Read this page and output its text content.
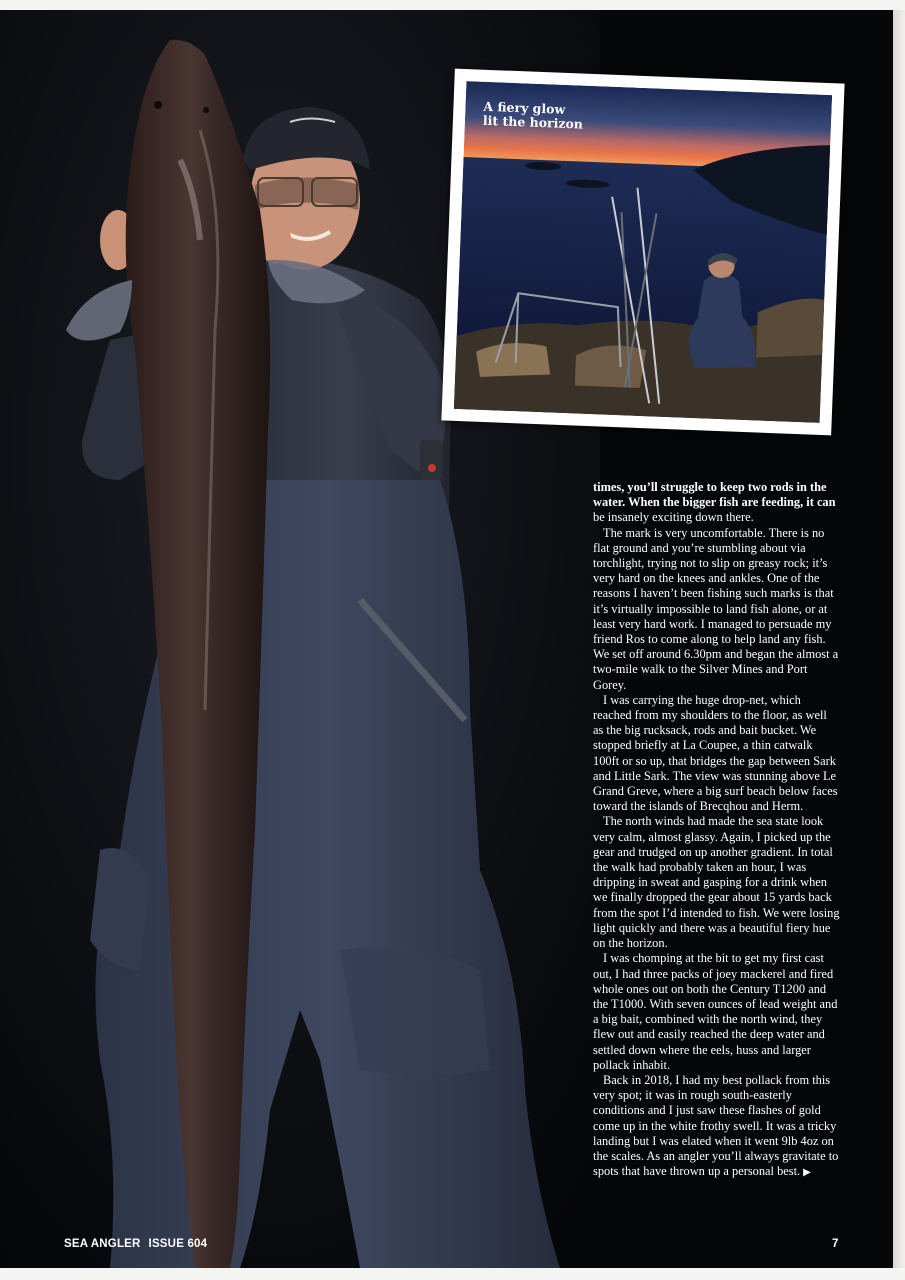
A fiery glow
lit the horizon

times, you’ll struggle to keep two rods in the water. When the bigger fish are feeding, it can be insanely exciting down there.

The mark is very uncomfortable. There is no flat ground and you’re stumbling about via torchlight, trying not to slip on greasy rock; it’s very hard on the knees and ankles. One of the reasons I haven’t been fishing such marks is that it’s virtually impossible to land fish alone, or at least very hard work. I managed to persuade my friend Ros to come along to help land any fish. We set off around 6.30pm and began the almost a two-mile walk to the Silver Mines and Port Gorey.

I was carrying the huge drop-net, which reached from my shoulders to the floor, as well as the big rucksack, rods and bait bucket. We stopped briefly at La Coupee, a thin catwalk 100ft or so up, that bridges the gap between Sark and Little Sark. The view was stunning above Le Grand Greve, where a big surf beach below faces toward the islands of Brecqhou and Herm.

The north winds had made the sea state look very calm, almost glassy. Again, I picked up the gear and trudged on up another gradient. In total the walk had probably taken an hour, I was dripping in sweat and gasping for a drink when we finally dropped the gear about 15 yards back from the spot I’d intended to fish. We were losing light quickly and there was a beautiful fiery hue on the horizon.

I was chomping at the bit to get my first cast out, I had three packs of joey mackerel and fired whole ones out on both the Century T1200 and the T1000. With seven ounces of lead weight and a big bait, combined with the north wind, they flew out and easily reached the deep water and settled down where the eels, huss and larger pollack inhabit.

Back in 2018, I had my best pollack from this very spot; it was in rough south-easterly conditions and I just saw these flashes of gold come up in the white frothy swell. It was a tricky landing but I was elated when it went 9lb 4oz on the scales. As an angler you’ll always gravitate to spots that have thrown up a personal best. ▶

SEA ANGLER ISSUE 604	7
